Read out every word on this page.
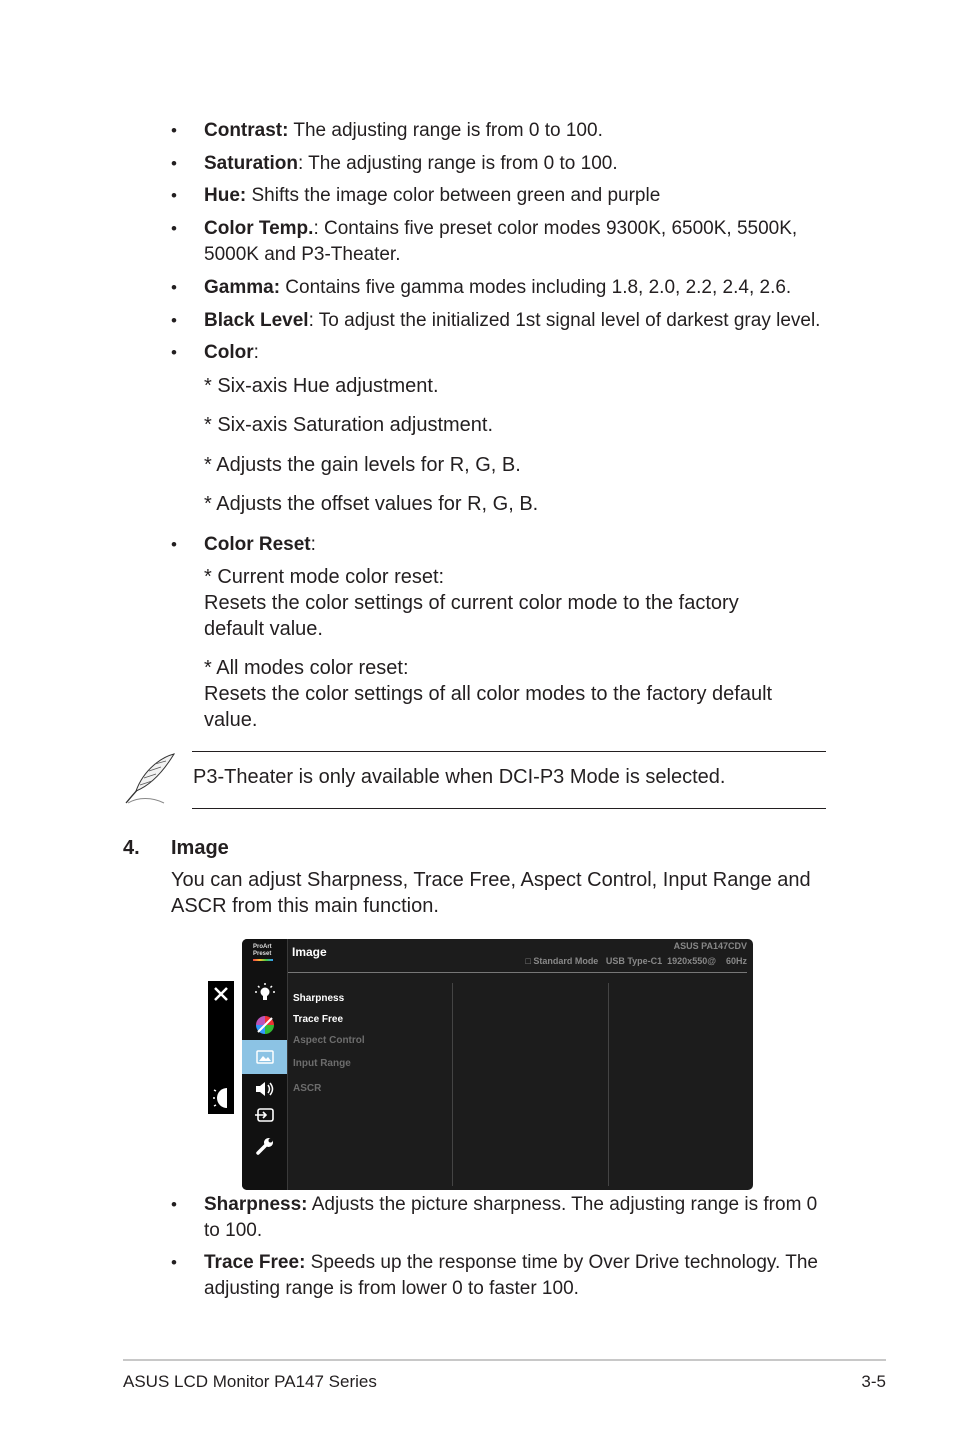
• Contrast: The adjusting range is from 0 to 100.
• Saturation: The adjusting range is from 0 to 100.
• Hue: Shifts the image color between green and purple
• Color Temp.: Contains five preset color modes 9300K, 6500K, 5500K, 5000K and P3-Theater.
• Gamma: Contains five gamma modes including 1.8, 2.0, 2.2, 2.4, 2.6.
• Black Level: To adjust the initialized 1st signal level of darkest gray level.
• Color:
* Six-axis Hue adjustment.
* Six-axis Saturation adjustment.
* Adjusts the gain levels for R, G, B.
* Adjusts the offset values for R, G, B.
• Color Reset:
* Current mode color reset:
Resets the color settings of current color mode to the factory default value.
* All modes color reset:
Resets the color settings of all color modes to the factory default value.
P3-Theater is only available when DCI-P3 Mode is selected.
4. Image
You can adjust Sharpness, Trace Free, Aspect Control, Input Range and ASCR from this main function.
ProArt
Preset Image	ASUS PA147CDV
□ Standard Mode   USB Type-C1  1920x550@    60Hz
Sharpness
Trace Free
Aspect Control
Input Range
ASCR
• Sharpness: Adjusts the picture sharpness. The adjusting range is from 0 to 100.
• Trace Free: Speeds up the response time by Over Drive technology. The adjusting range is from lower 0 to faster 100.
ASUS LCD Monitor PA147 Series	3-5
